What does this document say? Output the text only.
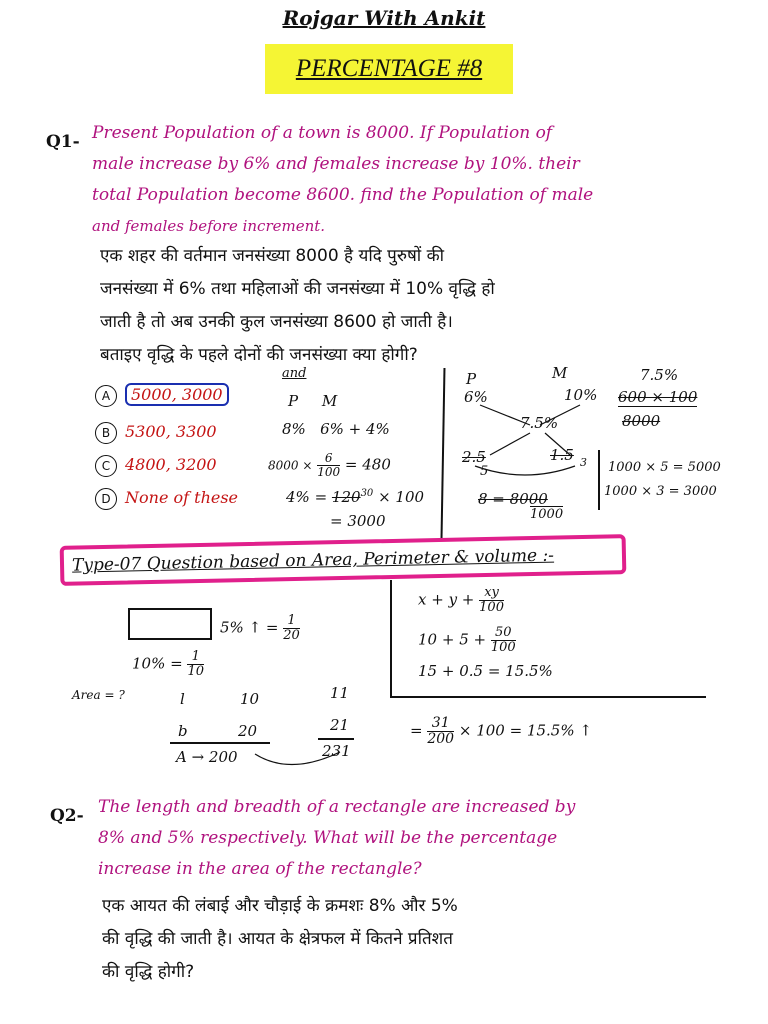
Rojgar With Ankit
PERCENTAGE #8
Q1- Present Population of a town is 8000. If Population of
male increase by 6% and females increase by 10%. their
total Population become 8600. find the Population of male
and females before increment.
एक शहर की वर्तमान जनसंख्या 8000 है यदि पुरुषों की
जनसंख्या में 6% तथा महिलाओं की जनसंख्या में 10% वृद्धि हो
जाती है तो अब उनकी कुल जनसंख्या 8600 हो जाती है।
बताइए वृद्धि के पहले दोनों की जनसंख्या क्या होगी?
A 5000, 3000
B 5300, 3300
C 4800, 3200
D None of these
and
P     M
8%   6% + 4%
$8000 \times \frac{6}{100} = 480$
$4\% = 120^{30} \times 100$
= 3000
P	M
6%	10%
7.5%
2.5
5
1.5 3
8 = 8000
1000
7.5%
600 × 100
8000
1000 × 5 = 5000
1000 × 3 = 3000
Type-07 Question based on Area, Perimeter & volume :-
5% ↑ = $\frac{1}{20}$
$10\% = \frac{1}{10}$
Area = ?	l	10	11
b	20	21
A → 200	231
= $\frac{31}{200} \times 100 = 15.5\%$ ↑
$x + y + \frac{xy}{100}$
$10 + 5 + \frac{50}{100}$
15 + 0.5 = 15.5%
Q2- The length and breadth of a rectangle are increased by
8% and 5% respectively. What will be the percentage
increase in the area of the rectangle?
एक आयत की लंबाई और चौड़ाई के क्रमशः 8% और 5%
की वृद्धि की जाती है। आयत के क्षेत्रफल में कितने प्रतिशत
की वृद्धि होगी?
